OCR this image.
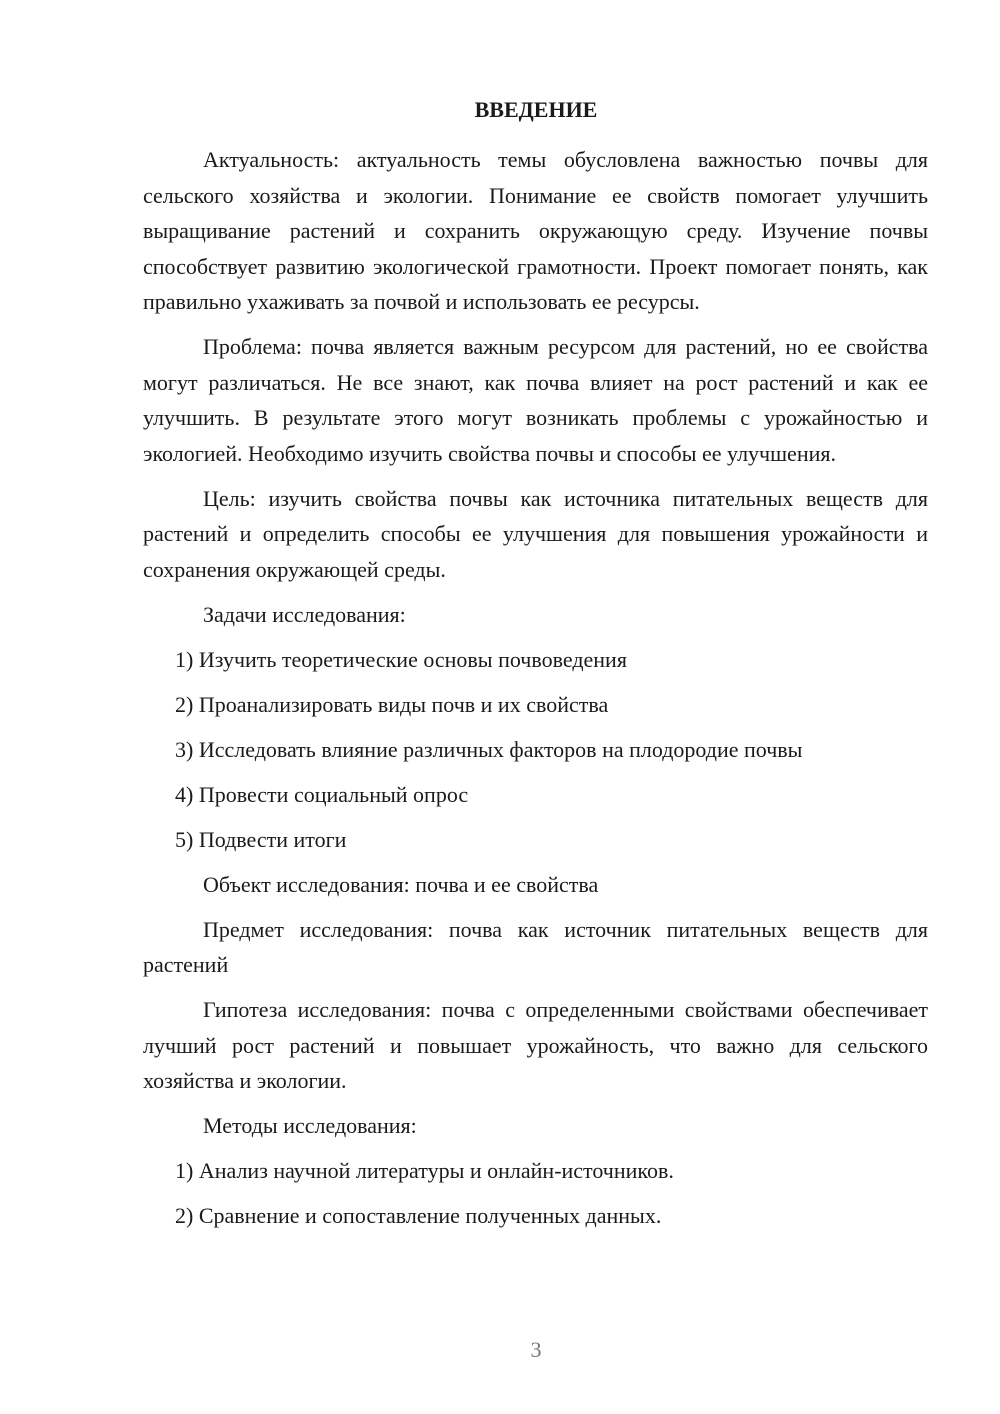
ВВЕДЕНИЕ

Актуальность: актуальность темы обусловлена важностью почвы для сельского хозяйства и экологии. Понимание ее свойств помогает улучшить выращивание растений и сохранить окружающую среду. Изучение почвы способствует развитию экологической грамотности. Проект помогает понять, как правильно ухаживать за почвой и использовать ее ресурсы.

Проблема: почва является важным ресурсом для растений, но ее свойства могут различаться. Не все знают, как почва влияет на рост растений и как ее улучшить. В результате этого могут возникать проблемы с урожайностью и экологией. Необходимо изучить свойства почвы и способы ее улучшения.

Цель: изучить свойства почвы как источника питательных веществ для растений и определить способы ее улучшения для повышения урожайности и сохранения окружающей среды.

Задачи исследования:

1) Изучить теоретические основы почвоведения

2) Проанализировать виды почв и их свойства

3) Исследовать влияние различных факторов на плодородие почвы

4) Провести социальный опрос

5) Подвести итоги

Объект исследования: почва и ее свойства

Предмет исследования: почва как источник питательных веществ для растений

Гипотеза исследования: почва с определенными свойствами обеспечивает лучший рост растений и повышает урожайность, что важно для сельского хозяйства и экологии.

Методы исследования:

1) Анализ научной литературы и онлайн-источников.

2) Сравнение и сопоставление полученных данных.

3
